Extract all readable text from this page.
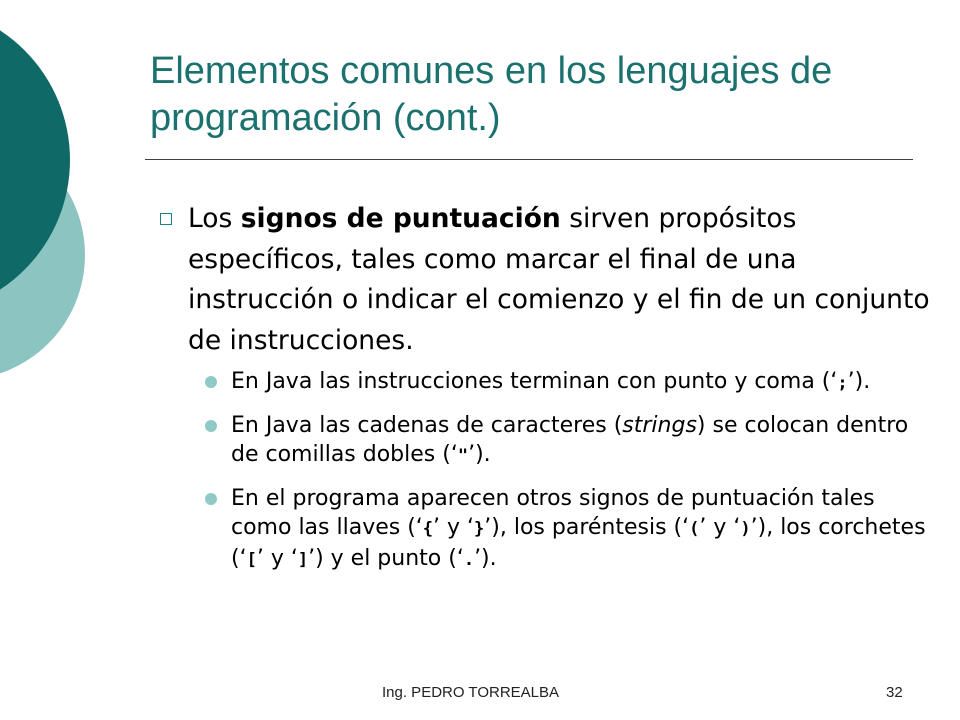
Elementos comunes en los lenguajes de programación (cont.)
Los signos de puntuación sirven propósitos específicos, tales como marcar el final de una instrucción o indicar el comienzo y el fin de un conjunto de instrucciones.
En Java las instrucciones terminan con punto y coma (‘;’).
En Java las cadenas de caracteres (strings) se colocan dentro de comillas dobles (‘"’).
En el programa aparecen otros signos de puntuación tales como las llaves (‘{’ y ‘}’), los paréntesis (‘(’ y ‘)’), los corchetes (‘[’ y ‘]’) y el punto (‘.’).
Ing. PEDRO TORREALBA	32
